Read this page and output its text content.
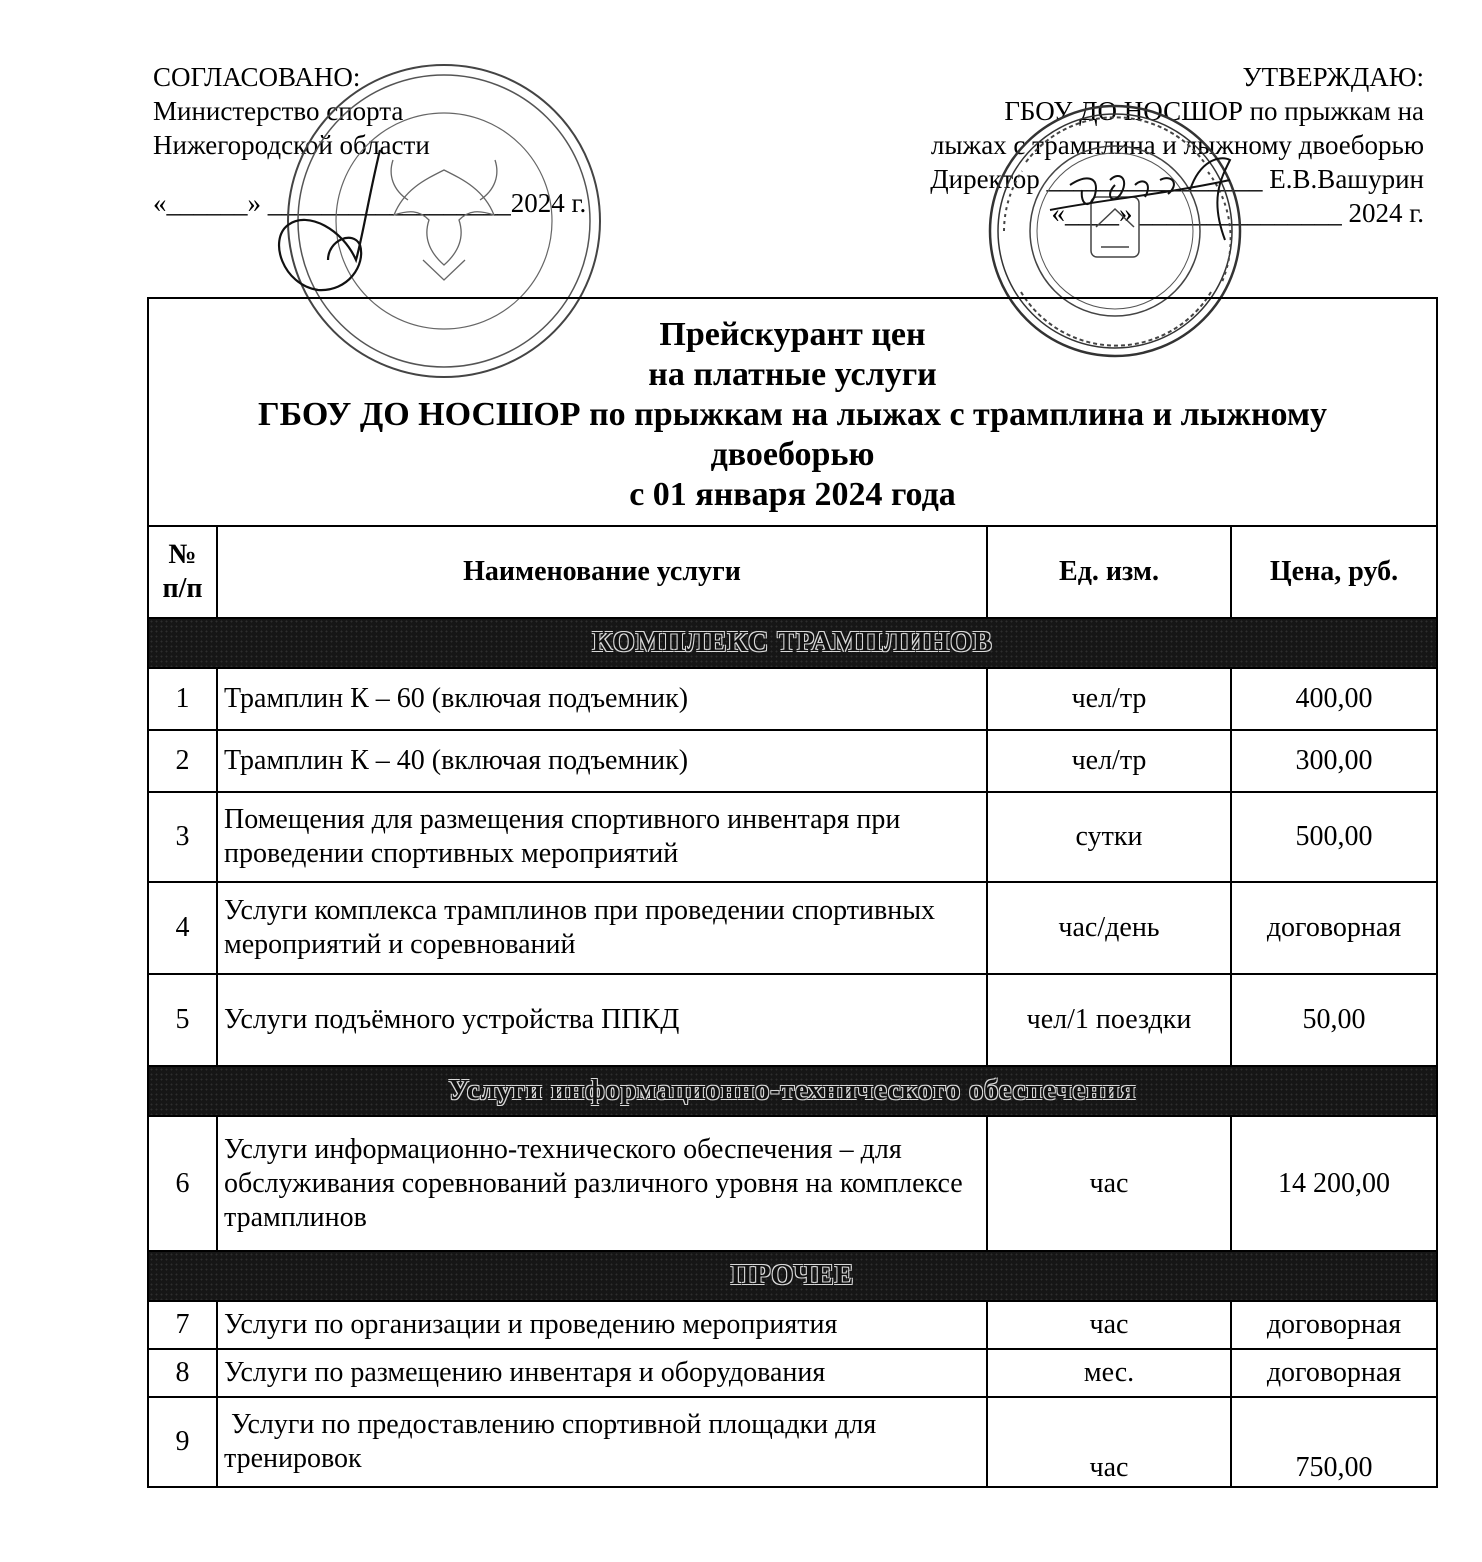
СОГЛАСОВАНО:
Министерство спорта
Нижегородской области
«______» __________________2024 г.
УТВЕРЖДАЮ:
ГБОУ ДО НОСШОР по прыжкам на
лыжах с трамплина и лыжному двоеборью
Директор ________________ Е.В.Вашурин
«____» _______________ 2024 г.
Прейскурант цен
на платные услуги
ГБОУ ДО НОСШОР по прыжкам на лыжах с трамплина и лыжному
двоеборью
с 01 января 2024 года			

№ п/п	Наименование услуги	Ед. изм.	Цена, руб.
КОМПЛЕКС ТРАМПЛИНОВ			
1	Трамплин К – 60 (включая подъемник)	чел/тр	400,00
2	Трамплин К – 40 (включая подъемник)	чел/тр	300,00
3	Помещения для размещения спортивного инвентаря при проведении спортивных мероприятий	сутки	500,00
4	Услуги комплекса трамплинов при проведении спортивных мероприятий и соревнований	час/день	договорная
5	Услуги подъёмного устройства ППКД	чел/1 поездки	50,00
Услуги информационно-технического обеспечения			
6	Услуги информационно-технического обеспечения – для обслуживания соревнований различного уровня на комплексе трамплинов	час	14 200,00
ПРОЧЕЕ			
7	Услуги по организации и проведению мероприятия	час	договорная
8	Услуги по размещению инвентаря и оборудования	мес.	договорная
9	Услуги по предоставлению спортивной площадки для тренировок	час	750,00
